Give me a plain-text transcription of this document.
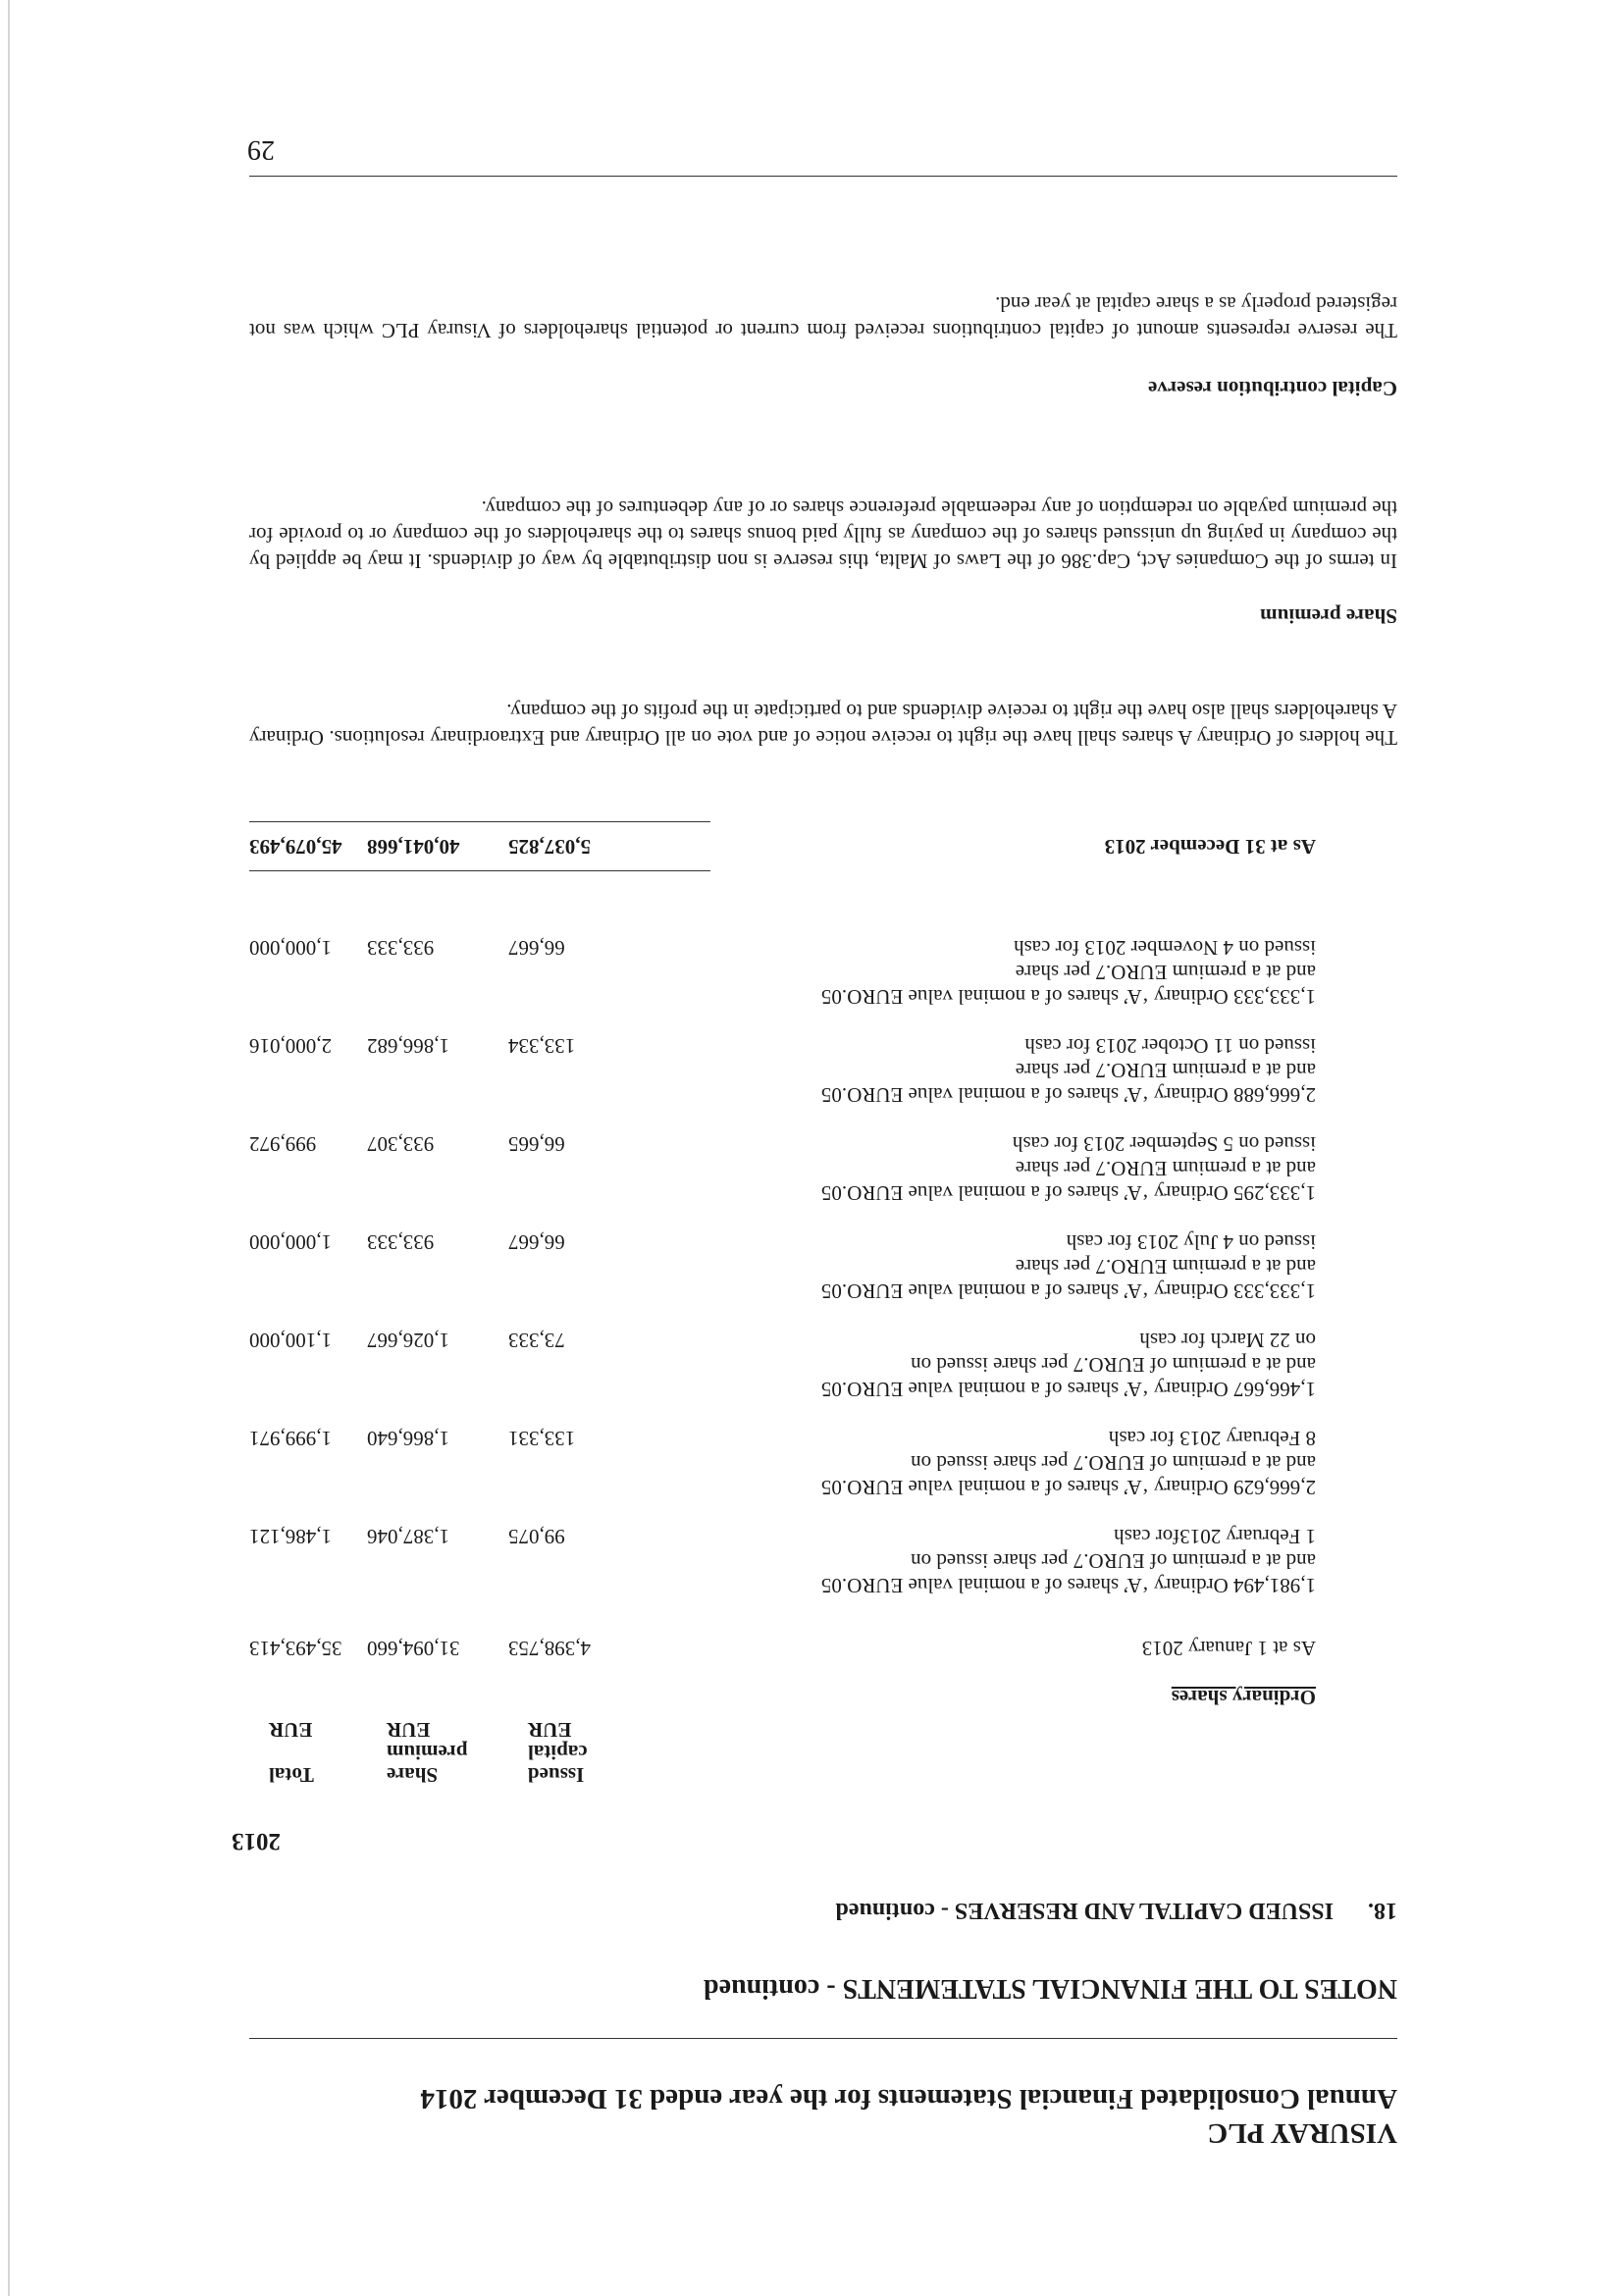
VISURAY PLC

Annual Consolidated Financial Statements for the year ended 31 December 2014

NOTES TO THE FINANCIAL STATEMENTS - continued
18.ISSUED CAPITAL AND RESERVES - continued
2013
Issued
capital
EUR
Share
premium
EUR
Total

EUR
Ordinary shares
As at 1 January 2013
4,398,753
31,094,660
35,493,413
1,981,494 Ordinary ‘A’ shares of a nominal value EURO.05
and at a premium of EURO.7 per share issued on
1 February 2013for cash
99,075
1,387,046
1,486,121
2,666,629 Ordinary ‘A’ shares of a nominal value EURO.05
and at a premium of EURO.7 per share issued on
8 February 2013 for cash
133,331
1,866,640
1,999,971
1,466,667 Ordinary ‘A’ shares of a nominal value EURO.05
and at a premium of EURO.7 per share issued on
on 22 March for cash
73,333
1,026,667
1,100,000
1,333,333 Ordinary ‘A’ shares of a nominal value EURO.05
and at a premium EURO.7 per share
issued on 4 July 2013 for cash
66,667
933,333
1,000,000
1,333,295 Ordinary ‘A’ shares of a nominal value EURO.05
and at a premium EURO.7 per share
issued on 5 September 2013 for cash
66,665
933,307
999,972
2,666,688 Ordinary ‘A’ shares of a nominal value EURO.05
and at a premium EURO.7 per share
issued on 11 October 2013 for cash
133,334
1,866,682
2,000,016
1,333,333 Ordinary ‘A’ shares of a nominal value EURO.05
and at a premium EURO.7 per share
issued on 4 November 2013 for cash
66,667
933,333
1,000,000
As at 31 December 2013
5,037,825
40,041,668
45,079,493

The holders of Ordinary A shares shall have the right to receive notice of and vote on all Ordinary and Extraordinary resolutions. Ordinary A shareholders shall also have the right to receive dividends and to participate in the profits of the company.

Share premium

In terms of the Companies Act, Cap.386 of the Laws of Malta, this reserve is non distributable by way of dividends. It may be applied by the company in paying up unissued shares of the company as fully paid bonus shares to the shareholders of the company or to provide for the premium payable on redemption of any redeemable preference shares or of any debentures of the company.

Capital contribution reserve

The reserve represents amount of capital contributions received from current or potential shareholders of Visuray PLC which was not registered properly as a share capital at year end.

29
